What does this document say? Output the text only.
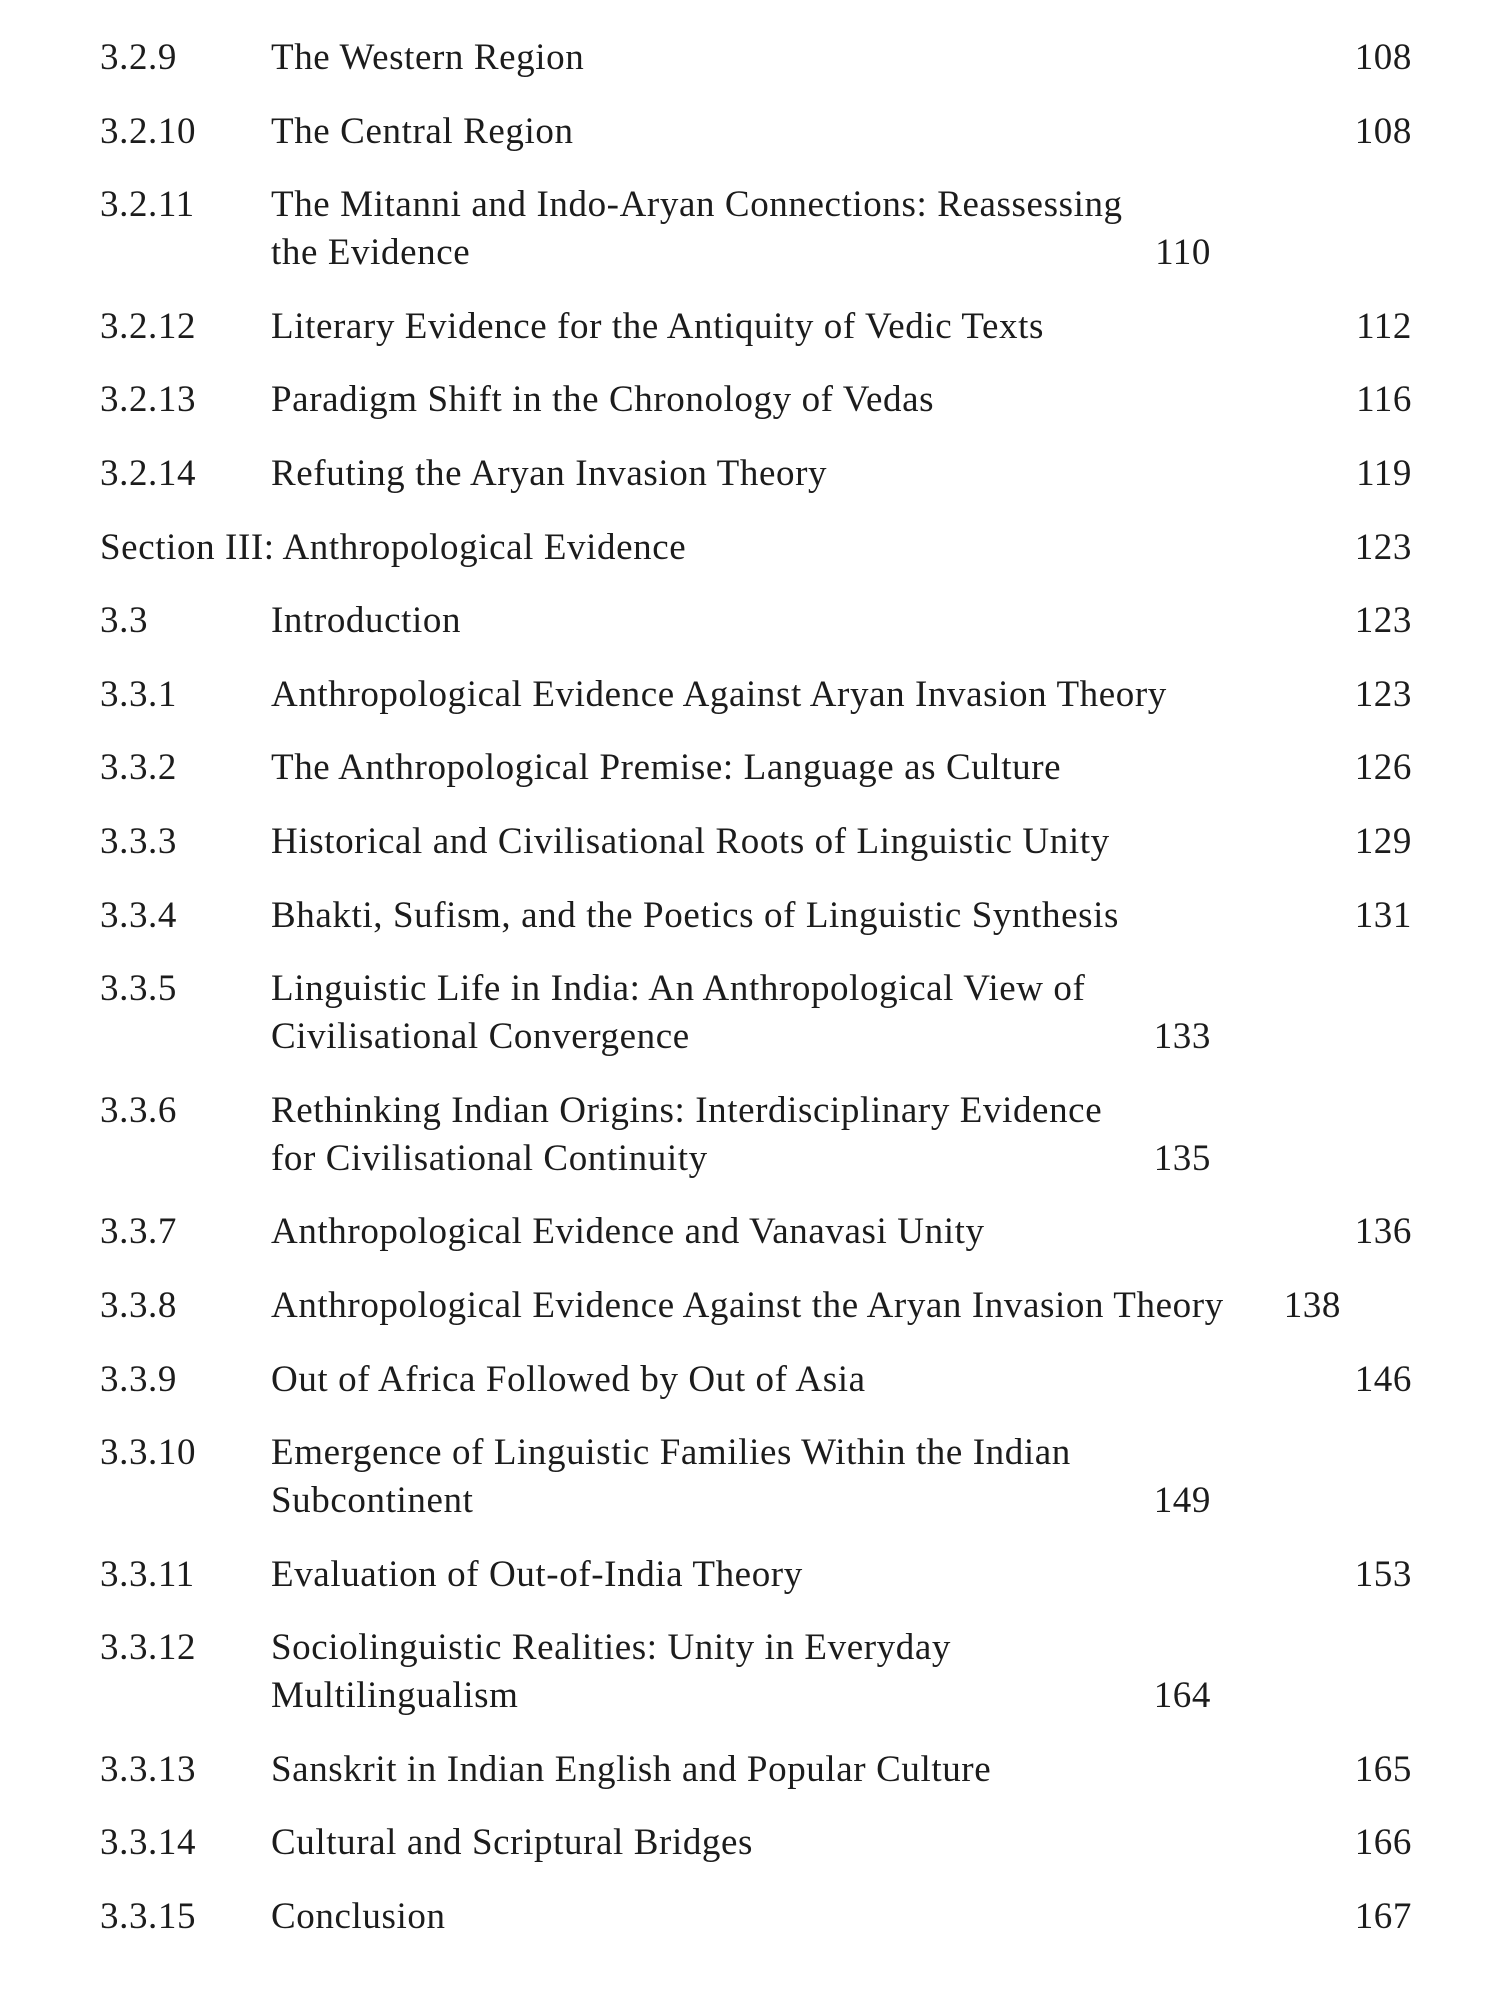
3.2.9	The Western Region	108
3.2.10	The Central Region	108
3.2.11	The Mitanni and Indo-Aryan Connections: Reassessing the Evidence	110
3.2.12	Literary Evidence for the Antiquity of Vedic Texts	112
3.2.13	Paradigm Shift in the Chronology of Vedas	116
3.2.14	Refuting the Aryan Invasion Theory	119
Section III: Anthropological Evidence	123
3.3	Introduction	123
3.3.1	Anthropological Evidence Against Aryan Invasion Theory	123
3.3.2	The Anthropological Premise: Language as Culture	126
3.3.3	Historical and Civilisational Roots of Linguistic Unity	129
3.3.4	Bhakti, Sufism, and the Poetics of Linguistic Synthesis	131
3.3.5	Linguistic Life in India: An Anthropological View of Civilisational Convergence	133
3.3.6	Rethinking Indian Origins: Interdisciplinary Evidence for Civilisational Continuity	135
3.3.7	Anthropological Evidence and Vanavasi Unity	136
3.3.8	Anthropological Evidence Against the Aryan Invasion Theory	138
3.3.9	Out of Africa Followed by Out of Asia	146
3.3.10	Emergence of Linguistic Families Within the Indian Subcontinent	149
3.3.11	Evaluation of Out-of-India Theory	153
3.3.12	Sociolinguistic Realities: Unity in Everyday Multilingualism	164
3.3.13	Sanskrit in Indian English and Popular Culture	165
3.3.14	Cultural and Scriptural Bridges	166
3.3.15	Conclusion	167
